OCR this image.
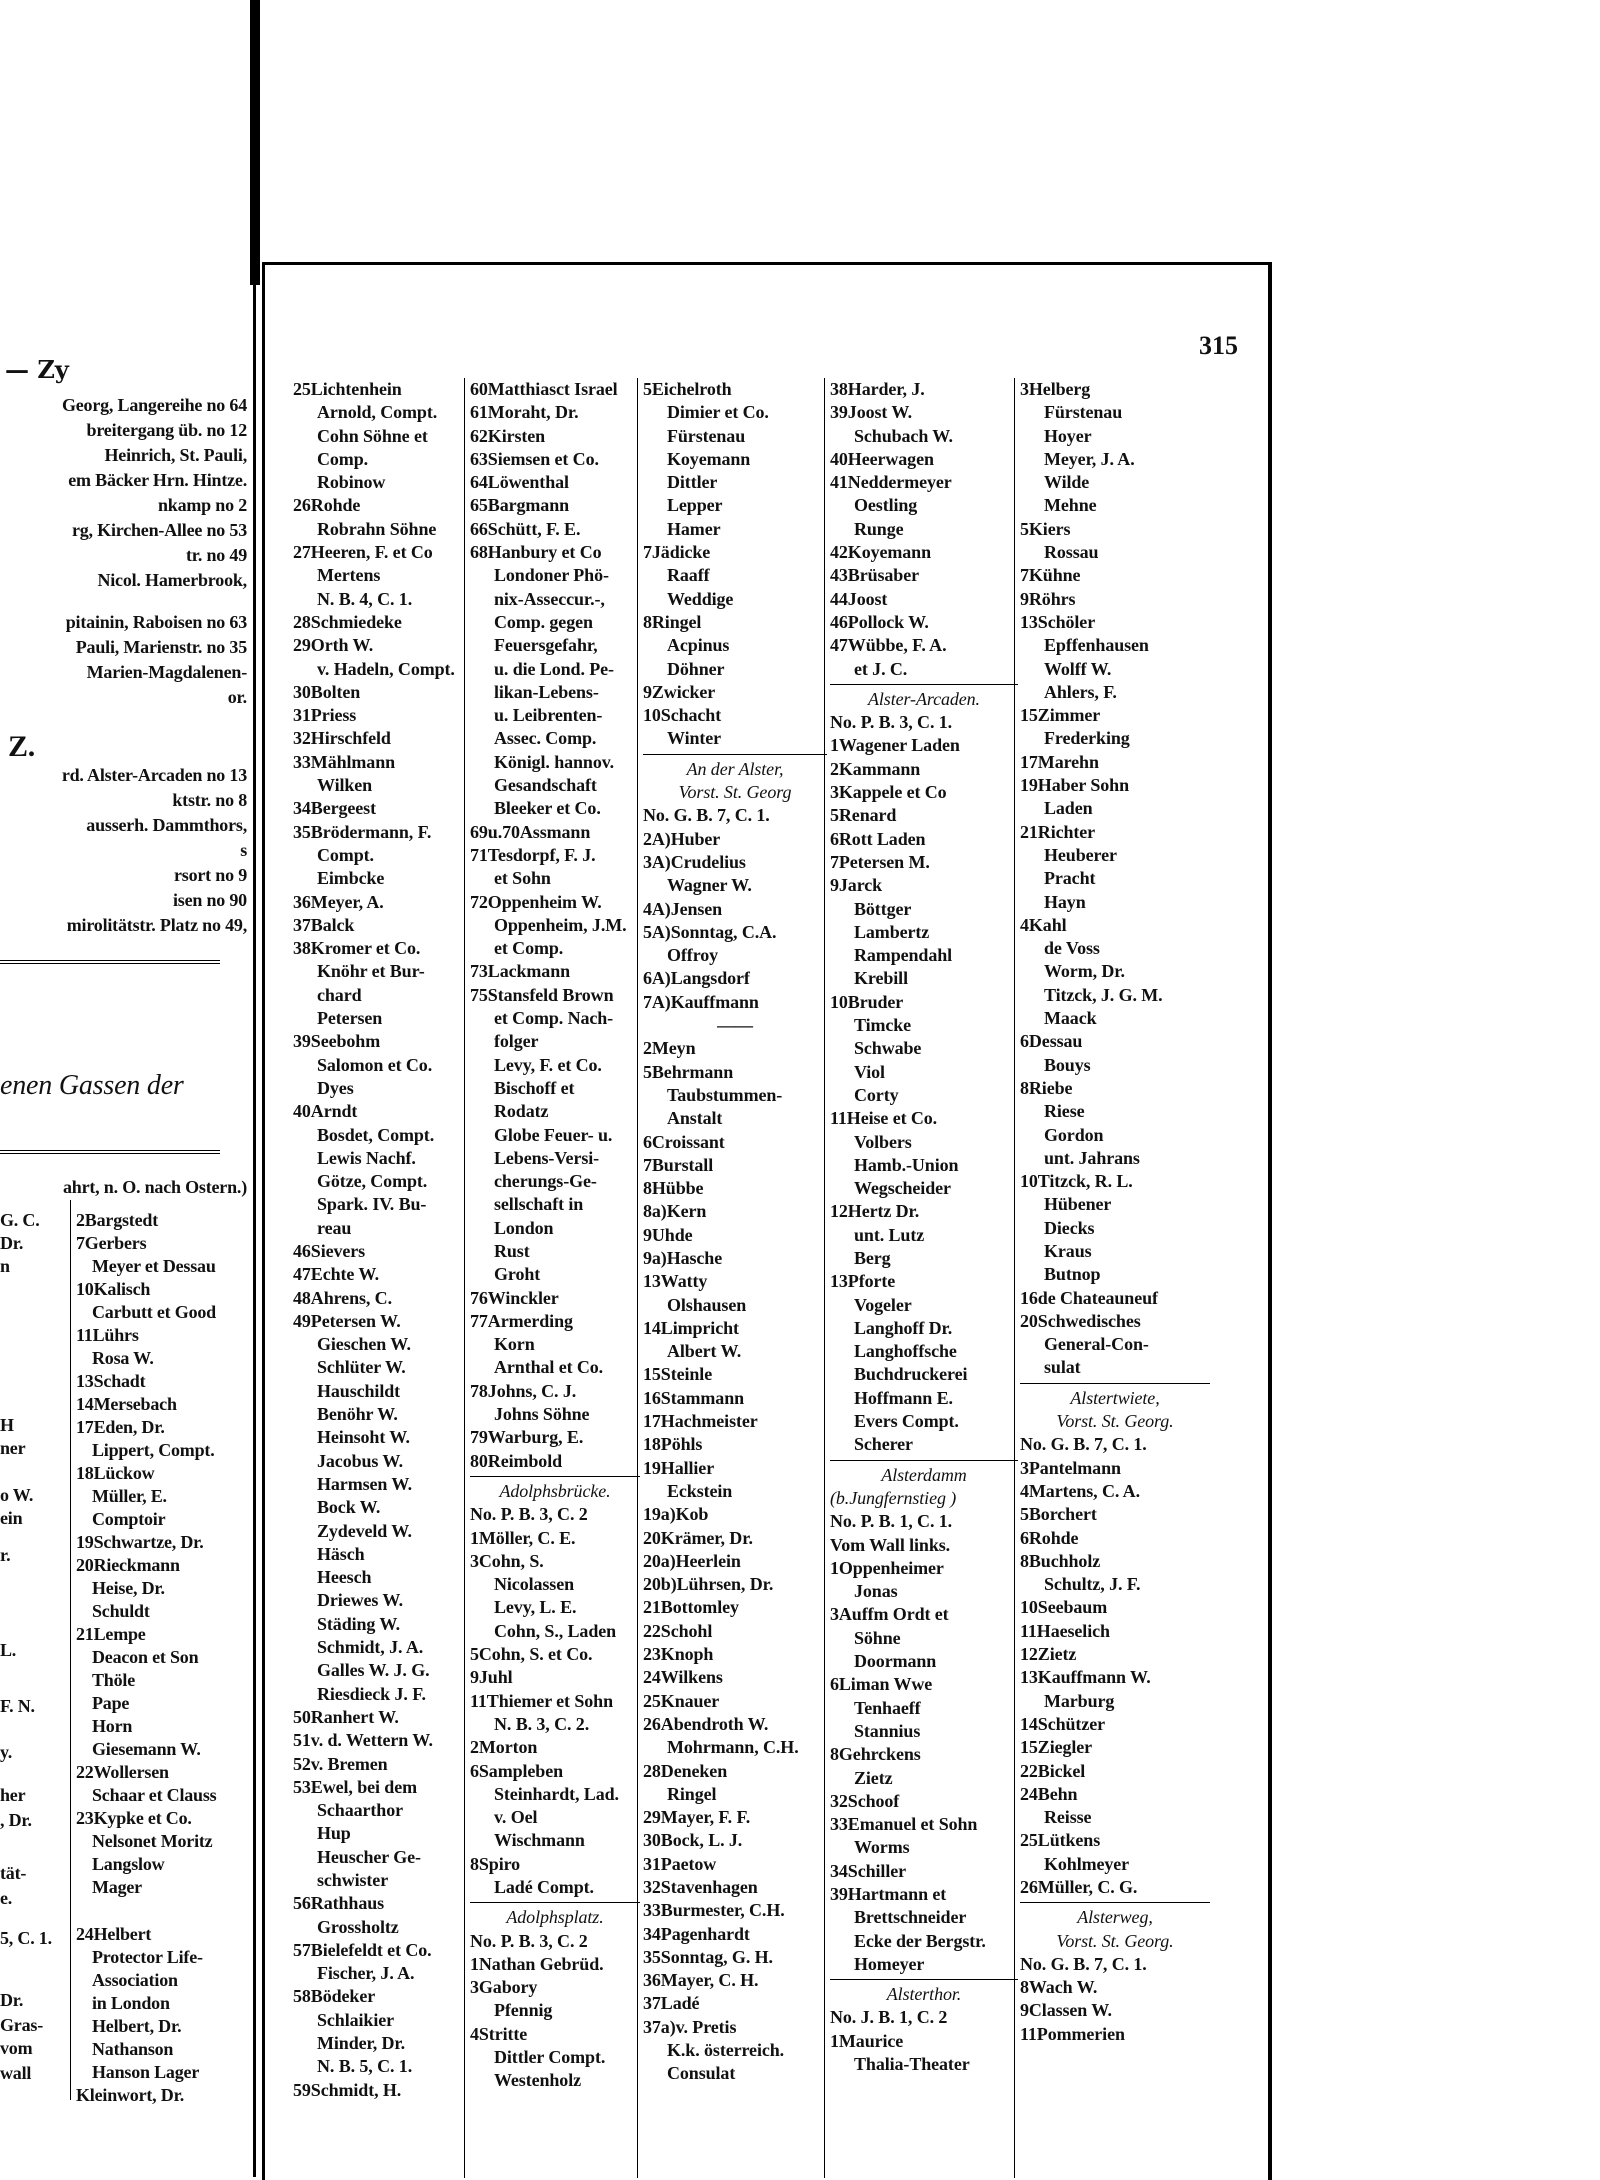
— Zy
Georg, Langereihe no 64
breitergang üb. no 12
Heinrich, St. Pauli,
em Bäcker Hrn. Hintze.
nkamp no 2
rg, Kirchen-Allee no 53
tr. no 49
Nicol. Hamerbrook,
pitainin, Raboisen no 63
Pauli, Marienstr. no 35
Marien-Magdalenen-
or.
Z.
rd. Alster-Arcaden no 13
ktstr. no 8
ausserh. Dammthors,
s
rsort no 9
isen no 90
mirolitätstr. Platz no 49,
enen Gassen der
ahrt, n. O. nach Ostern.)
G. C.
Dr.
n
H
ner
o W.
ein
r.
L.
F. N.
y.
her
, Dr.
tät-
e.
5, C. 1.
Dr.
Gras-
vom
wall
2Bargstedt
7Gerbers
Meyer et Dessau
10Kalisch
Carbutt et Good
11Lührs
Rosa W.
13Schadt
14Mersebach
17Eden, Dr.
Lippert, Compt.
18Lückow
Müller, E.
Comptoir
19Schwartze, Dr.
20Rieckmann
Heise, Dr.
Schuldt
21Lempe
Deacon et Son
Thöle
Pape
Horn
Giesemann W.
22Wollersen
Schaar et Clauss
23Kypke et Co.
Nelsonet Moritz
Langslow
Mager
24Helbert
Protector Life-
Association
in London
Helbert, Dr.
Nathanson
Hanson Lager
Kleinwort, Dr.
315
25Lichtenhein
Arnold, Compt.
Cohn Söhne et
Comp.
Robinow
26Rohde
Robrahn Söhne
27Heeren, F. et Co
Mertens
N. B. 4, C. 1.
28Schmiedeke
29Orth W.
v. Hadeln, Compt.
30Bolten
31Priess
32Hirschfeld
33Mählmann
Wilken
34Bergeest
35Brödermann, F.
Compt.
Eimbcke
36Meyer, A.
37Balck
38Kromer et Co.
Knöhr et Bur-
chard
Petersen
39Seebohm
Salomon et Co.
Dyes
40Arndt
Bosdet, Compt.
Lewis Nachf.
Götze, Compt.
Spark. IV. Bu-
reau
46Sievers
47Echte W.
48Ahrens, C.
49Petersen W.
Gieschen W.
Schlüter W.
Hauschildt
Benöhr W.
Heinsoht W.
Jacobus W.
Harmsen W.
Bock W.
Zydeveld W.
Häsch
Heesch
Driewes W.
Städing W.
Schmidt, J. A.
Galles W. J. G.
Riesdieck J. F.
50Ranhert W.
51v. d. Wettern W.
52v. Bremen
53Ewel, bei dem
Schaarthor
Hup
Heuscher Ge-
schwister
56Rathhaus
Grossholtz
57Bielefeldt et Co.
Fischer, J. A.
58Bödeker
Schlaikier
Minder, Dr.
N. B. 5, C. 1.
59Schmidt, H.
60Matthiasct Israel
61Moraht, Dr.
62Kirsten
63Siemsen et Co.
64Löwenthal
65Bargmann
66Schütt, F. E.
68Hanbury et Co
Londoner Phö-
nix-Asseccur.-,
Comp. gegen
Feuersgefahr,
u. die Lond. Pe-
likan-Lebens-
u. Leibrenten-
Assec. Comp.
Königl. hannov.
Gesandschaft
Bleeker et Co.
69u.70Assmann
71Tesdorpf, F. J.
et Sohn
72Oppenheim W.
Oppenheim, J.M.
et Comp.
73Lackmann
75Stansfeld Brown
et Comp. Nach-
folger
Levy, F. et Co.
Bischoff et
Rodatz
Globe Feuer- u.
Lebens-Versi-
cherungs-Ge-
sellschaft in
London
Rust
Groht
76Winckler
77Armerding
Korn
Arnthal et Co.
78Johns, C. J.
Johns Söhne
79Warburg, E.
80Reimbold
Adolphsbrücke.
No. P. B. 3, C. 2
1Möller, C. E.
3Cohn, S.
Nicolassen
Levy, L. E.
Cohn, S., Laden
5Cohn, S. et Co.
9Juhl
11Thiemer et Sohn
N. B. 3, C. 2.
2Morton
6Sampleben
Steinhardt, Lad.
v. Oel
Wischmann
8Spiro
Ladé Compt.
Adolphsplatz.
No. P. B. 3, C. 2
1Nathan Gebrüd.
3Gabory
Pfennig
4Stritte
Dittler Compt.
Westenholz
5Eichelroth
Dimier et Co.
Fürstenau
Koyemann
Dittler
Lepper
Hamer
7Jädicke
Raaff
Weddige
8Ringel
Acpinus
Döhner
9Zwicker
10Schacht
Winter
An der Alster,
Vorst. St. Georg
No. G. B. 7, C. 1.
2A)Huber
3A)Crudelius
Wagner W.
4A)Jensen
5A)Sonntag, C.A.
Offroy
6A)Langsdorf
7A)Kauffmann
——
2Meyn
5Behrmann
Taubstummen-
Anstalt
6Croissant
7Burstall
8Hübbe
8a)Kern
9Uhde
9a)Hasche
13Watty
Olshausen
14Limpricht
Albert W.
15Steinle
16Stammann
17Hachmeister
18Pöhls
19Hallier
Eckstein
19a)Kob
20Krämer, Dr.
20a)Heerlein
20b)Lührsen, Dr.
21Bottomley
22Schohl
23Knoph
24Wilkens
25Knauer
26Abendroth W.
Mohrmann, C.H.
28Deneken
Ringel
29Mayer, F. F.
30Bock, L. J.
31Paetow
32Stavenhagen
33Burmester, C.H.
34Pagenhardt
35Sonntag, G. H.
36Mayer, C. H.
37Ladé
37a)v. Pretis
K.k. österreich.
Consulat
38Harder, J.
39Joost W.
Schubach W.
40Heerwagen
41Neddermeyer
Oestling
Runge
42Koyemann
43Brüsaber
44Joost
46Pollock W.
47Wübbe, F. A.
et J. C.
Alster-Arcaden.
No. P. B. 3, C. 1.
1Wagener Laden
2Kammann
3Kappele et Co
5Renard
6Rott Laden
7Petersen M.
9Jarck
Böttger
Lambertz
Rampendahl
Krebill
10Bruder
Timcke
Schwabe
Viol
Corty
11Heise et Co.
Volbers
Hamb.-Union
Wegscheider
12Hertz Dr.
unt. Lutz
Berg
13Pforte
Vogeler
Langhoff Dr.
Langhoffsche
Buchdruckerei
Hoffmann E.
Evers Compt.
Scherer
Alsterdamm
(b.Jungfernstieg )
No. P. B. 1, C. 1.
Vom Wall links.
1Oppenheimer
Jonas
3Auffm Ordt et
Söhne
Doormann
6Liman Wwe
Tenhaeff
Stannius
8Gehrckens
Zietz
32Schoof
33Emanuel et Sohn
Worms
34Schiller
39Hartmann et
Brettschneider
Ecke der Bergstr.
Homeyer
Alsterthor.
No. J. B. 1, C. 2
1Maurice
Thalia-Theater
3Helberg
Fürstenau
Hoyer
Meyer, J. A.
Wilde
Mehne
5Kiers
Rossau
7Kühne
9Röhrs
13Schöler
Epffenhausen
Wolff W.
Ahlers, F.
15Zimmer
Frederking
17Marehn
19Haber Sohn
Laden
21Richter
Heuberer
Pracht
Hayn
4Kahl
de Voss
Worm, Dr.
Titzck, J. G. M.
Maack
6Dessau
Bouys
8Riebe
Riese
Gordon
unt. Jahrans
10Titzck, R. L.
Hübener
Diecks
Kraus
Butnop
16de Chateauneuf
20Schwedisches
General-Con-
sulat
Alstertwiete,
Vorst. St. Georg.
No. G. B. 7, C. 1.
3Pantelmann
4Martens, C. A.
5Borchert
6Rohde
8Buchholz
Schultz, J. F.
10Seebaum
11Haeselich
12Zietz
13Kauffmann W.
Marburg
14Schützer
15Ziegler
22Bickel
24Behn
Reisse
25Lütkens
Kohlmeyer
26Müller, C. G.
Alsterweg,
Vorst. St. Georg.
No. G. B. 7, C. 1.
8Wach W.
9Classen W.
11Pommerien
